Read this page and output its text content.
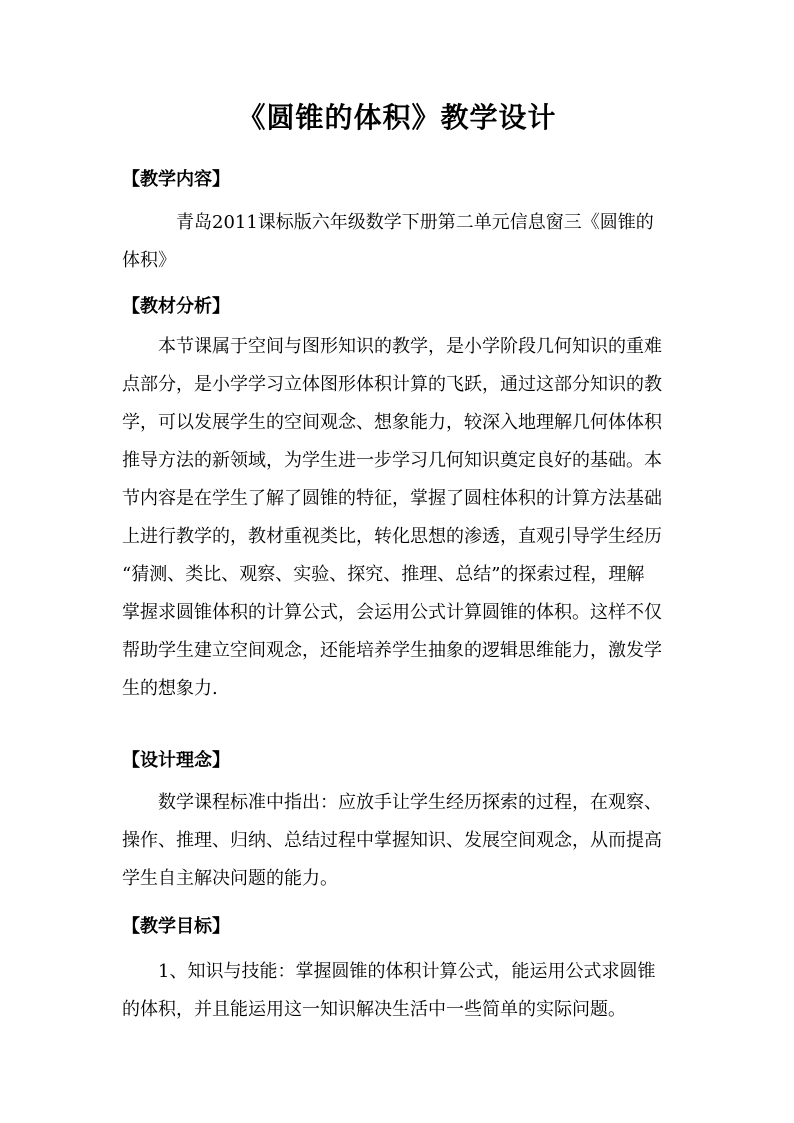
《圆锥的体积》教学设计

【教学内容】

青岛2011课标版六年级数学下册第二单元信息窗三《圆锥的
体积》

【教材分析】

本节课属于空间与图形知识的教学，是小学阶段几何知识的重难
点部分，是小学学习立体图形体积计算的飞跃，通过这部分知识的教
学，可以发展学生的空间观念、想象能力，较深入地理解几何体体积
推导方法的新领域，为学生进一步学习几何知识奠定良好的基础。本
节内容是在学生了解了圆锥的特征，掌握了圆柱体积的计算方法基础
上进行教学的，教材重视类比，转化思想的渗透，直观引导学生经历
“猜测、类比、观察、实验、探究、推理、总结”的探索过程，理解
掌握求圆锥体积的计算公式，会运用公式计算圆锥的体积。这样不仅
帮助学生建立空间观念，还能培养学生抽象的逻辑思维能力，激发学
生的想象力.

【设计理念】

数学课程标准中指出：应放手让学生经历探索的过程，在观察、
操作、推理、归纳、总结过程中掌握知识、发展空间观念，从而提高
学生自主解决问题的能力。

【教学目标】

1、知识与技能：掌握圆锥的体积计算公式，能运用公式求圆锥
的体积，并且能运用这一知识解决生活中一些简单的实际问题。
